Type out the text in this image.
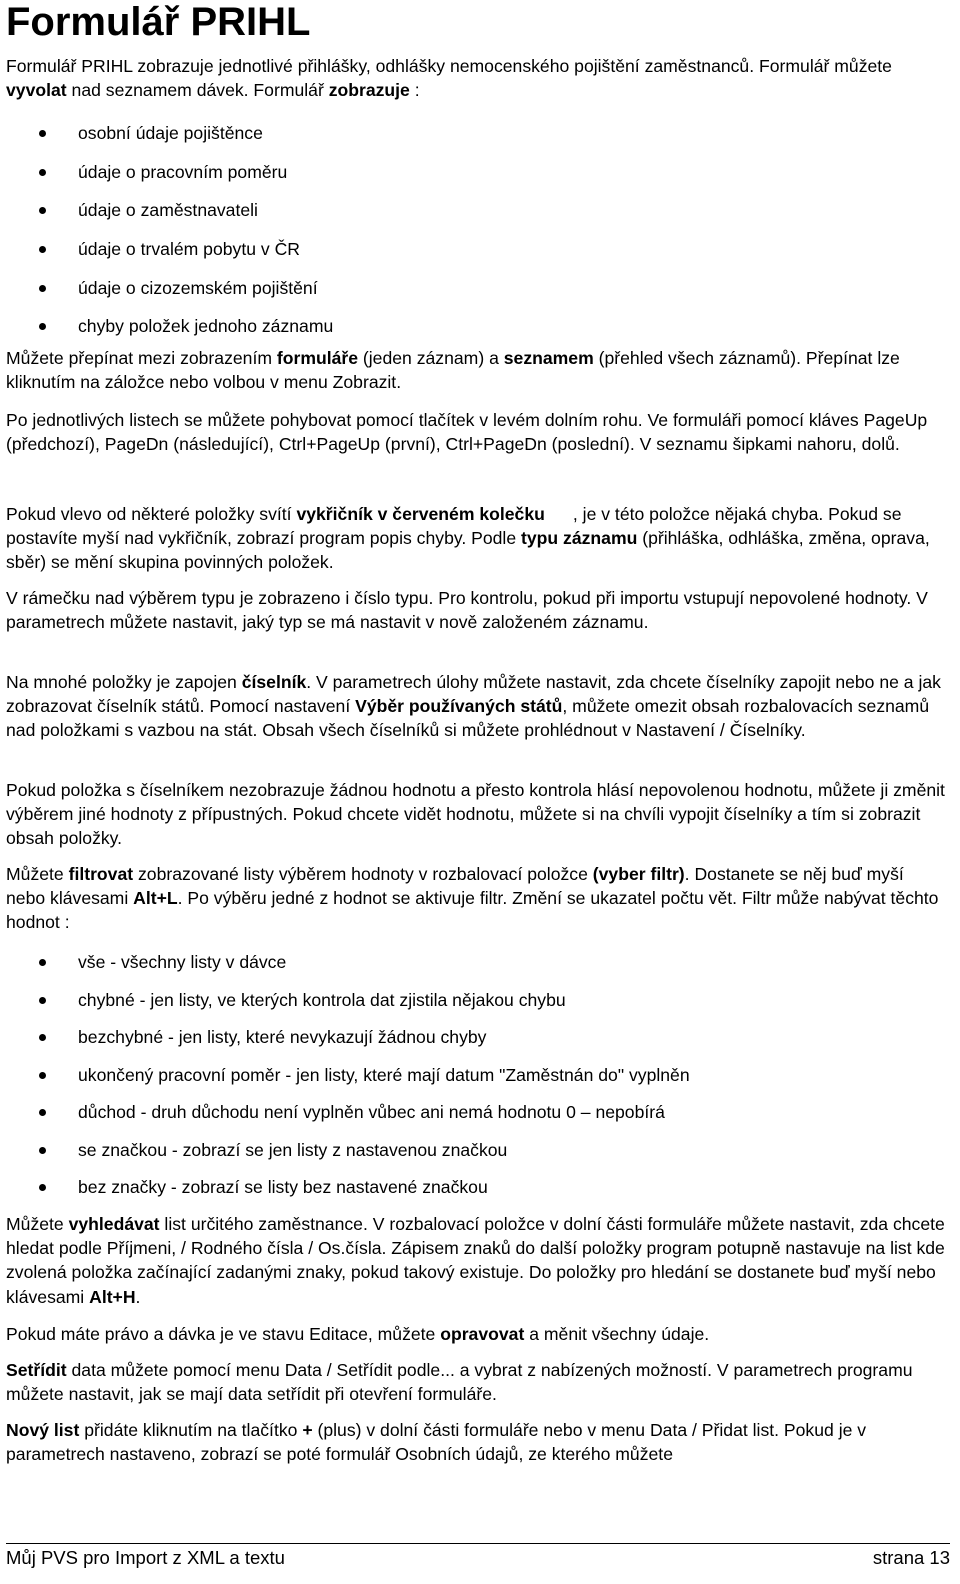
Formulář PRIHL

Formulář PRIHL zobrazuje jednotlivé přihlášky, odhlášky nemocenského pojištění zaměstnanců. Formulář můžete vyvolat nad seznamem dávek. Formulář zobrazuje :

osobní údaje pojištěnce
údaje o pracovním poměru
údaje o zaměstnavateli
údaje o trvalém pobytu v ČR
údaje o cizozemském pojištění
chyby položek jednoho záznamu

Můžete přepínat mezi zobrazením formuláře (jeden záznam) a seznamem (přehled všech záznamů). Přepínat lze kliknutím na záložce nebo volbou v menu Zobrazit.

Po jednotlivých listech se můžete pohybovat pomocí tlačítek v levém dolním rohu. Ve formuláři pomocí kláves PageUp (předchozí), PageDn (následující), Ctrl+PageUp (první), Ctrl+PageDn (poslední). V seznamu šipkami nahoru, dolů.

Pokud vlevo od některé položky svítí vykřičník v červeném kolečku , je v této položce nějaká chyba. Pokud se postavíte myší nad vykřičník, zobrazí program popis chyby. Podle typu záznamu (přihláška, odhláška, změna, oprava, sběr) se mění skupina povinných položek.

V rámečku nad výběrem typu je zobrazeno i číslo typu. Pro kontrolu, pokud při importu vstupují nepovolené hodnoty. V parametrech můžete nastavit, jaký typ se má nastavit v nově založeném záznamu.

Na mnohé položky je zapojen číselník. V parametrech úlohy můžete nastavit, zda chcete číselníky zapojit nebo ne a jak zobrazovat číselník států. Pomocí nastavení Výběr používaných států, můžete omezit obsah rozbalovacích seznamů nad položkami s vazbou na stát. Obsah všech číselníků si můžete prohlédnout v Nastavení / Číselníky.

Pokud položka s číselníkem nezobrazuje žádnou hodnotu a přesto kontrola hlásí nepovolenou hodnotu, můžete ji změnit výběrem jiné hodnoty z přípustných. Pokud chcete vidět hodnotu, můžete si na chvíli vypojit číselníky a tím si zobrazit obsah položky.

Můžete filtrovat zobrazované listy výběrem hodnoty v rozbalovací položce (vyber filtr). Dostanete se něj buď myší nebo klávesami Alt+L. Po výběru jedné z hodnot se aktivuje filtr. Změní se ukazatel počtu vět. Filtr může nabývat těchto hodnot :

vše - všechny listy v dávce
chybné - jen listy, ve kterých kontrola dat zjistila nějakou chybu
bezchybné - jen listy, které nevykazují žádnou chyby
ukončený pracovní poměr - jen listy, které mají datum "Zaměstnán do" vyplněn
důchod - druh důchodu není vyplněn vůbec ani nemá hodnotu 0 – nepobírá
se značkou - zobrazí se jen listy z nastavenou značkou
bez značky - zobrazí se listy bez nastavené značkou

Můžete vyhledávat list určitého zaměstnance. V rozbalovací položce v dolní části formuláře můžete nastavit, zda chcete hledat podle Příjmeni, / Rodného čísla / Os.čísla. Zápisem znaků do další položky program potupně nastavuje na list kde zvolená položka začínající zadanými znaky, pokud takový existuje. Do položky pro hledání se dostanete buď myší nebo klávesami Alt+H.

Pokud máte právo a dávka je ve stavu Editace, můžete opravovat a měnit všechny údaje.

Setřídit data můžete pomocí menu Data / Setřídit podle... a vybrat z nabízených možností. V parametrech programu můžete nastavit, jak se mají data setřídit při otevření formuláře.

Nový list přidáte kliknutím na tlačítko + (plus) v dolní části formuláře nebo v menu Data / Přidat list. Pokud je v parametrech nastaveno, zobrazí se poté formulář Osobních údajů, ze kterého můžete

Můj PVS pro Import z XML a textu	strana 13
